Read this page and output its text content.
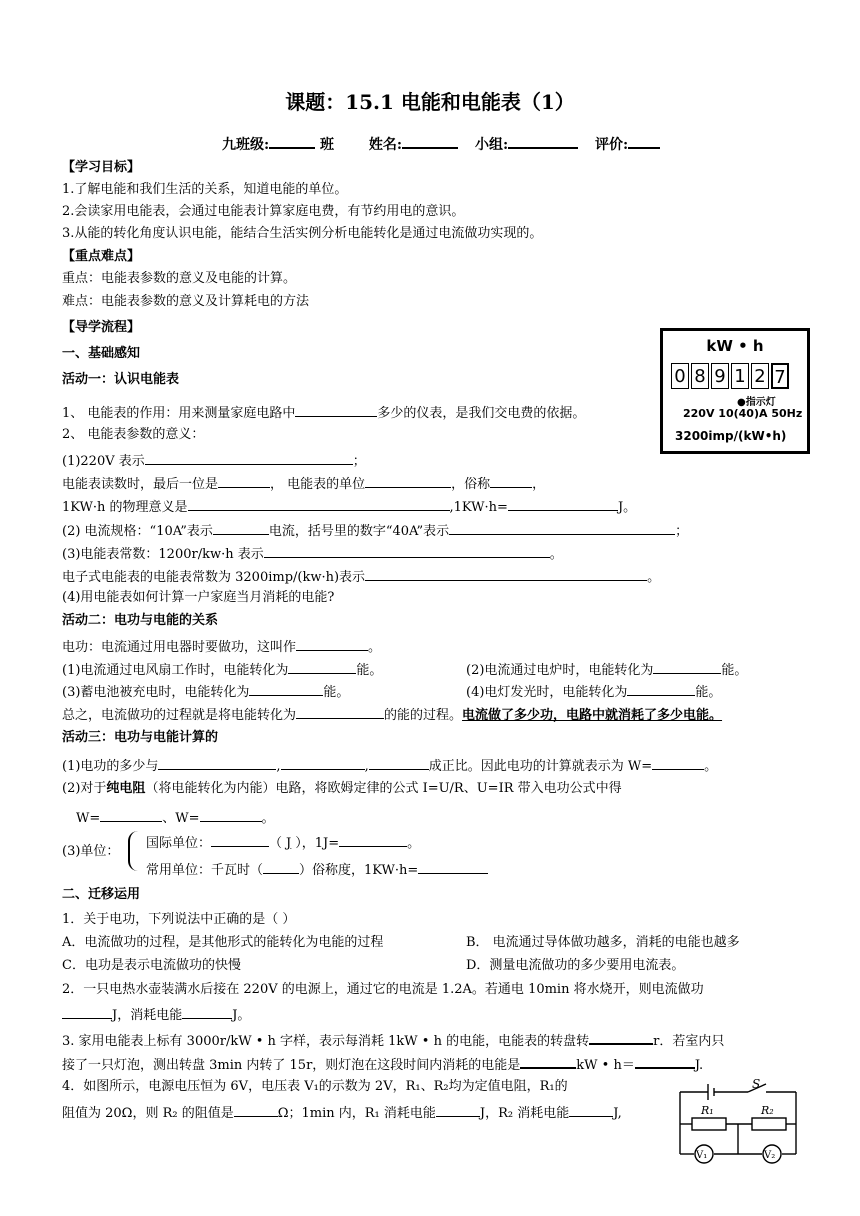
课题：15.1 电能和电能表（1）
九班级:	班 姓名:	小组:	评价:
【学习目标】
1.了解电能和我们生活的关系，知道电能的单位。
2.会读家用电能表，会通过电能表计算家庭电费，有节约用电的意识。
3.从能的转化角度认识电能，能结合生活实例分析电能转化是通过电流做功实现的。
【重点难点】
重点：电能表参数的意义及电能的计算。
难点：电能表参数的意义及计算耗电的方法
【导学流程】
一、基础感知
活动一：认识电能表
kW • h
0 8 9 1 2 7
●指示灯
220V 10(40)A 50Hz
3200imp/(kW•h)
1、 电能表的作用：用来测量家庭电路中	多少的仪表，是我们交电费的依据。
2、 电能表参数的意义：
(1)220V 表示	；
电能表读数时，最后一位是	， 电能表的单位	，俗称	，
1KW·h 的物理意义是	,1KW·h=	J。
(2) 电流规格：“10A”表示	电流，括号里的数字“40A”表示	；
(3)电能表常数：1200r/kw·h 表示	。
电子式电能表的电能表常数为 3200imp/(kw·h)表示	。
(4)用电能表如何计算一户家庭当月消耗的电能?
活动二：电功与电能的关系
电功：电流通过用电器时要做功，这叫作	。
(1)电流通过电风扇工作时，电能转化为	能。	(2)电流通过电炉时，电能转化为	能。
(3)蓄电池被充电时，电能转化为	能。	(4)电灯发光时，电能转化为	能。
总之，电流做功的过程就是将电能转化为	的能的过程。电流做了多少功，电路中就消耗了多少电能。
活动三：电功与电能计算的
(1)电功的多少与	,	,	成正比。因此电功的计算就表示为 W=	。
(2)对于纯电阻（将电能转化为内能）电路，将欧姆定律的公式 I=U/R、U=IR 带入电功公式中得
W=	、W=	。
(3)单位：
国际单位：	（ J ），1J=	。
常用单位：千瓦时（	）俗称度，1KW·h=
二、迁移运用
1．关于电功，下列说法中正确的是（ ）
A．电流做功的过程，是其他形式的能转化为电能的过程	B． 电流通过导体做功越多，消耗的电能也越多
C．电功是表示电流做功的快慢	D．测量电流做功的多少要用电流表。
2．一只电热水壶装满水后接在 220V 的电源上，通过它的电流是 1.2A。若通电 10min 将水烧开，则电流做功
J，消耗电能	J。
3. 家用电能表上标有 3000r/kW • h 字样，表示每消耗 1kW • h 的电能，电能表的转盘转	r．若室内只
接了一只灯泡，测出转盘 3min 内转了 15r，则灯泡在这段时间内消耗的电能是	kW • h＝	J.
4．如图所示，电源电压恒为 6V，电压表 V₁的示数为 2V，R₁、R₂均为定值电阻，R₁的
阻值为 20Ω，则 R₂ 的阻值是	Ω；1min 内，R₁ 消耗电能	J，R₂ 消耗电能	J,
S
R₁	R₂
V₁	V₂
